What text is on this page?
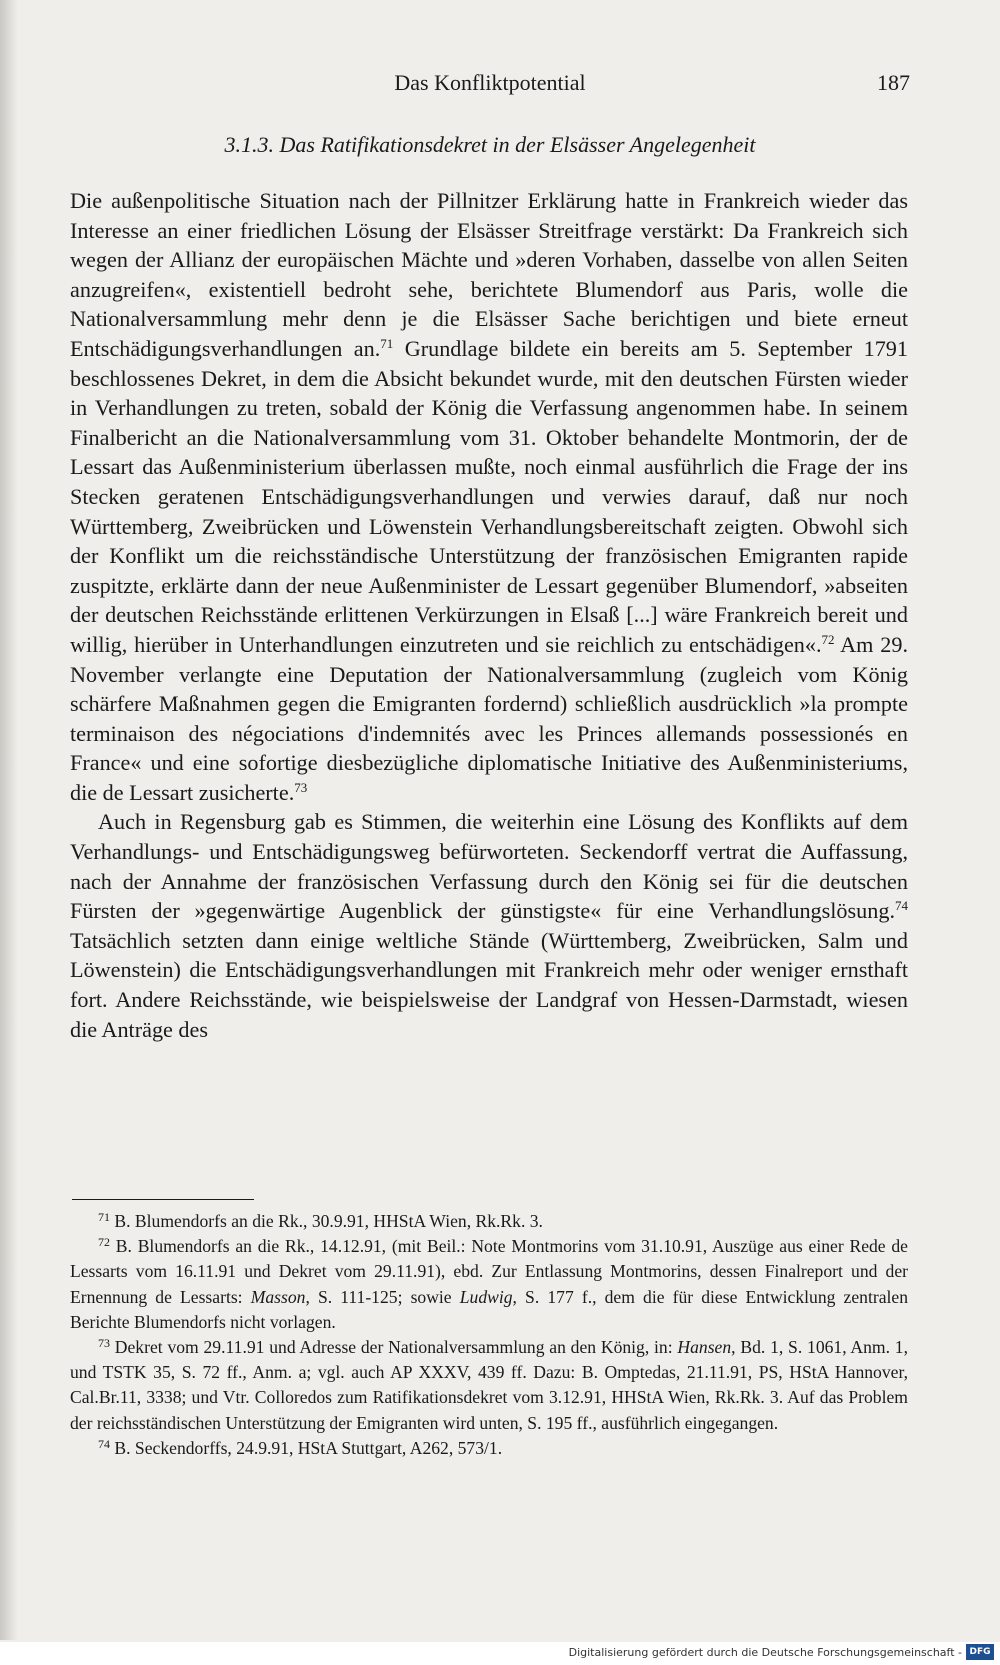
Das Konfliktpotential	187
3.1.3. Das Ratifikationsdekret in der Elsässer Angelegenheit

Die außenpolitische Situation nach der Pillnitzer Erklärung hatte in Frankreich wieder das Interesse an einer friedlichen Lösung der Elsässer Streitfrage verstärkt: Da Frankreich sich wegen der Allianz der europäischen Mächte und »deren Vorhaben, dasselbe von allen Seiten anzugreifen«, existentiell bedroht sehe, berichtete Blumendorf aus Paris, wolle die Nationalversammlung mehr denn je die Elsässer Sache berichtigen und biete erneut Entschädigungsverhandlungen an.$^{71}$ Grundlage bildete ein bereits am 5. September 1791 beschlossenes Dekret, in dem die Absicht bekundet wurde, mit den deutschen Fürsten wieder in Verhandlungen zu treten, sobald der König die Verfassung angenommen habe. In seinem Finalbericht an die Nationalversammlung vom 31. Oktober behandelte Montmorin, der de Lessart das Außenministerium überlassen mußte, noch einmal ausführlich die Frage der ins Stecken geratenen Entschädigungsverhandlungen und verwies darauf, daß nur noch Württemberg, Zweibrücken und Löwenstein Verhandlungsbereitschaft zeigten. Obwohl sich der Konflikt um die reichsständische Unterstützung der französischen Emigranten rapide zuspitzte, erklärte dann der neue Außenminister de Lessart gegenüber Blumendorf, »abseiten der deutschen Reichsstände erlittenen Verkürzungen in Elsaß [...] wäre Frankreich bereit und willig, hierüber in Unterhandlungen einzutreten und sie reichlich zu entschädigen«.$^{72}$ Am 29. November verlangte eine Deputation der Nationalversammlung (zugleich vom König schärfere Maßnahmen gegen die Emigranten fordernd) schließlich ausdrücklich »la prompte terminaison des négociations d'indemnités avec les Princes allemands possessionés en France« und eine sofortige diesbezügliche diplomatische Initiative des Außenministeriums, die de Lessart zusicherte.$^{73}$

Auch in Regensburg gab es Stimmen, die weiterhin eine Lösung des Konflikts auf dem Verhandlungs- und Entschädigungsweg befürworteten. Seckendorff vertrat die Auffassung, nach der Annahme der französischen Verfassung durch den König sei für die deutschen Fürsten der »gegenwärtige Augenblick der günstigste« für eine Verhandlungslösung.$^{74}$ Tatsächlich setzten dann einige weltliche Stände (Württemberg, Zweibrücken, Salm und Löwenstein) die Entschädigungsverhandlungen mit Frankreich mehr oder weniger ernsthaft fort. Andere Reichsstände, wie beispielsweise der Landgraf von Hessen-Darmstadt, wiesen die Anträge des

$^{71}$ B. Blumendorfs an die Rk., 30.9.91, HHStA Wien, Rk.Rk. 3.

$^{72}$ B. Blumendorfs an die Rk., 14.12.91, (mit Beil.: Note Montmorins vom 31.10.91, Auszüge aus einer Rede de Lessarts vom 16.11.91 und Dekret vom 29.11.91), ebd. Zur Entlassung Montmorins, dessen Finalreport und der Ernennung de Lessarts: Masson, S. 111-125; sowie Ludwig, S. 177 f., dem die für diese Entwicklung zentralen Berichte Blumendorfs nicht vorlagen.

$^{73}$ Dekret vom 29.11.91 und Adresse der Nationalversammlung an den König, in: Hansen, Bd. 1, S. 1061, Anm. 1, und TSTK 35, S. 72 ff., Anm. a; vgl. auch AP XXXV, 439 ff. Dazu: B. Omptedas, 21.11.91, PS, HStA Hannover, Cal.Br.11, 3338; und Vtr. Colloredos zum Ratifikationsdekret vom 3.12.91, HHStA Wien, Rk.Rk. 3. Auf das Problem der reichsständischen Unterstützung der Emigranten wird unten, S. 195 ff., ausführlich eingegangen.

$^{74}$ B. Seckendorffs, 24.9.91, HStA Stuttgart, A262, 573/1.

Digitalisierung gefördert durch die Deutsche Forschungsgemeinschaft - DFG
